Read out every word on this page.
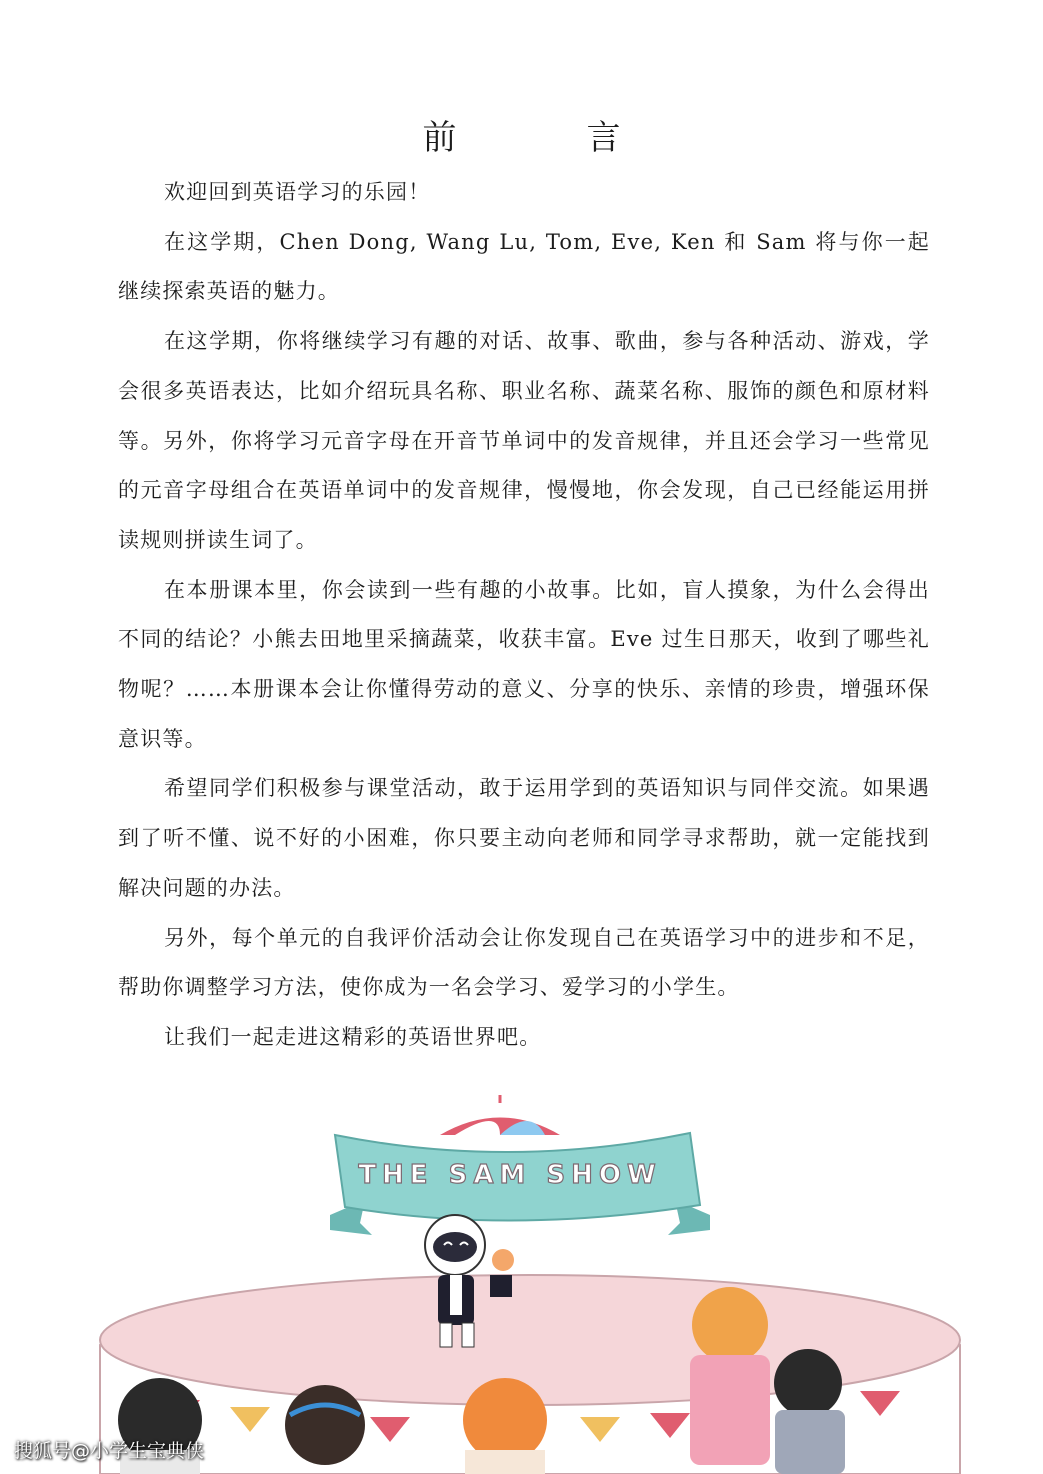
前　言

欢迎回到英语学习的乐园！

在这学期，Chen Dong, Wang Lu, Tom, Eve, Ken 和 Sam 将与你一起继续探索英语的魅力。

在这学期，你将继续学习有趣的对话、故事、歌曲，参与各种活动、游戏，学会很多英语表达，比如介绍玩具名称、职业名称、蔬菜名称、服饰的颜色和原材料等。另外，你将学习元音字母在开音节单词中的发音规律，并且还会学习一些常见的元音字母组合在英语单词中的发音规律，慢慢地，你会发现，自己已经能运用拼读规则拼读生词了。

在本册课本里，你会读到一些有趣的小故事。比如，盲人摸象，为什么会得出不同的结论？小熊去田地里采摘蔬菜，收获丰富。Eve 过生日那天，收到了哪些礼物呢？……本册课本会让你懂得劳动的意义、分享的快乐、亲情的珍贵，增强环保意识等。

希望同学们积极参与课堂活动，敢于运用学到的英语知识与同伴交流。如果遇到了听不懂、说不好的小困难，你只要主动向老师和同学寻求帮助，就一定能找到解决问题的办法。

另外，每个单元的自我评价活动会让你发现自己在英语学习中的进步和不足，帮助你调整学习方法，使你成为一名会学习、爱学习的小学生。

让我们一起走进这精彩的英语世界吧。

THE SAM SHOW
搜狐号@小学生宝典侠
